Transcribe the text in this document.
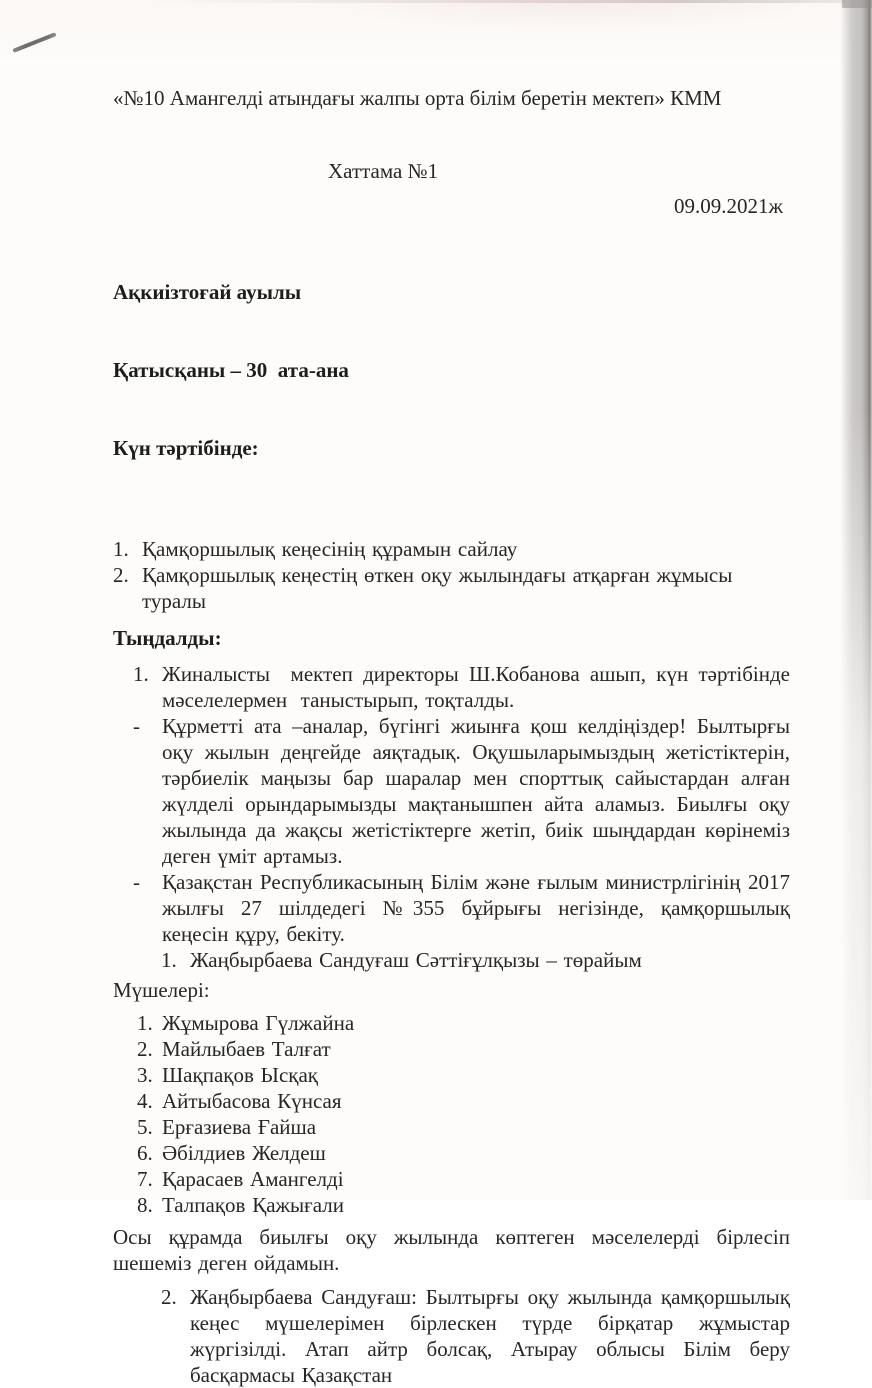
«№10 Амангелді атындағы жалпы орта білім беретін мектеп» КММ
Хаттама №1
09.09.2021ж

Ақкиізтоғай ауылы

Қатысқаны – 30  ата-ана

Күн тәртібінде:

1. Қамқоршылық кеңесінің құрамын сайлау
2. Қамқоршылық кеңестің өткен оқу жылындағы атқарған жұмысы туралы
Тыңдалды:
1. Жиналысты  мектеп директоры Ш.Кобанова ашып, күн тәртібінде мәселелермен  таныстырып, тоқталды.
-	Құрметті ата –аналар, бүгінгі жиынға қош келдіңіздер! Былтырғы оқу жылын деңгейде аяқтадық. Оқушыларымыздың жетістіктерін, тәрбиелік маңызы бар шаралар мен спорттық сайыстардан алған жүлделі орындарымызды мақтанышпен айта аламыз. Биылғы оқу жылында да жақсы жетістіктерге жетіп, биік шыңдардан көрінеміз деген үміт артамыз.
-	Қазақстан Республикасының Білім және ғылым министрлігінің 2017 жылғы 27 шілдедегі №355 бұйрығы негізінде, қамқоршылық кеңесін құру, бекіту.
1. Жаңбырбаева Сандуғаш Сәттіғұлқызы – төрайым
Мүшелері:
1. Жұмырова Гүлжайна
2. Майлыбаев Талғат
3. Шақпақов Ысқақ
4. Айтыбасова Күнсая
5. Ерғазиева Ғайша
6. Әбілдиев Желдеш
7. Қарасаев Амангелді
8. Талпақов Қажығали
Осы құрамда биылғы оқу жылында көптеген мәселелерді бірлесіп шешеміз деген ойдамын.
2. Жаңбырбаева Сандуғаш: Былтырғы оқу жылында қамқоршылық кеңес мүшелерімен бірлескен түрде бірқатар жұмыстар жүргізілді. Атап айтр болсақ, Атырау облысы Білім беру басқармасы Қазақстан
